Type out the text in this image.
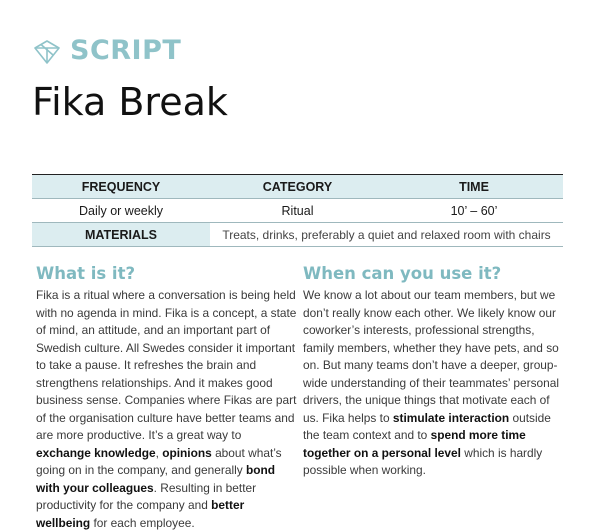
SCRIPT
Fika Break
FREQUENCY	CATEGORY	TIME
Daily or weekly	Ritual	10’ – 60’
MATERIALS	Treats, drinks, preferably a quiet and relaxed room with chairs	
What is it?

Fika is a ritual where a conversation is being held with no agenda in mind. Fika is a concept, a state of mind, an attitude, and an important part of Swedish culture. All Swedes consider it important to take a pause. It refreshes the brain and strengthens relationships. And it makes good business sense. Companies where Fikas are part of the organisation culture have better teams and are more productive. It’s a great way to exchange knowledge, opinions about what’s going on in the company, and generally bond with your colleagues. Resulting in better productivity for the company and better wellbeing for each employee.

When can you use it?

We know a lot about our team members, but we don’t really know each other. We likely know our coworker’s interests, professional strengths, family members, whether they have pets, and so on. But many teams don’t have a deeper, group-wide understanding of their teammates’ personal drivers, the unique things that motivate each of us. Fika helps to stimulate interaction outside the team context and to spend more time together on a personal level which is hardly possible when working.
